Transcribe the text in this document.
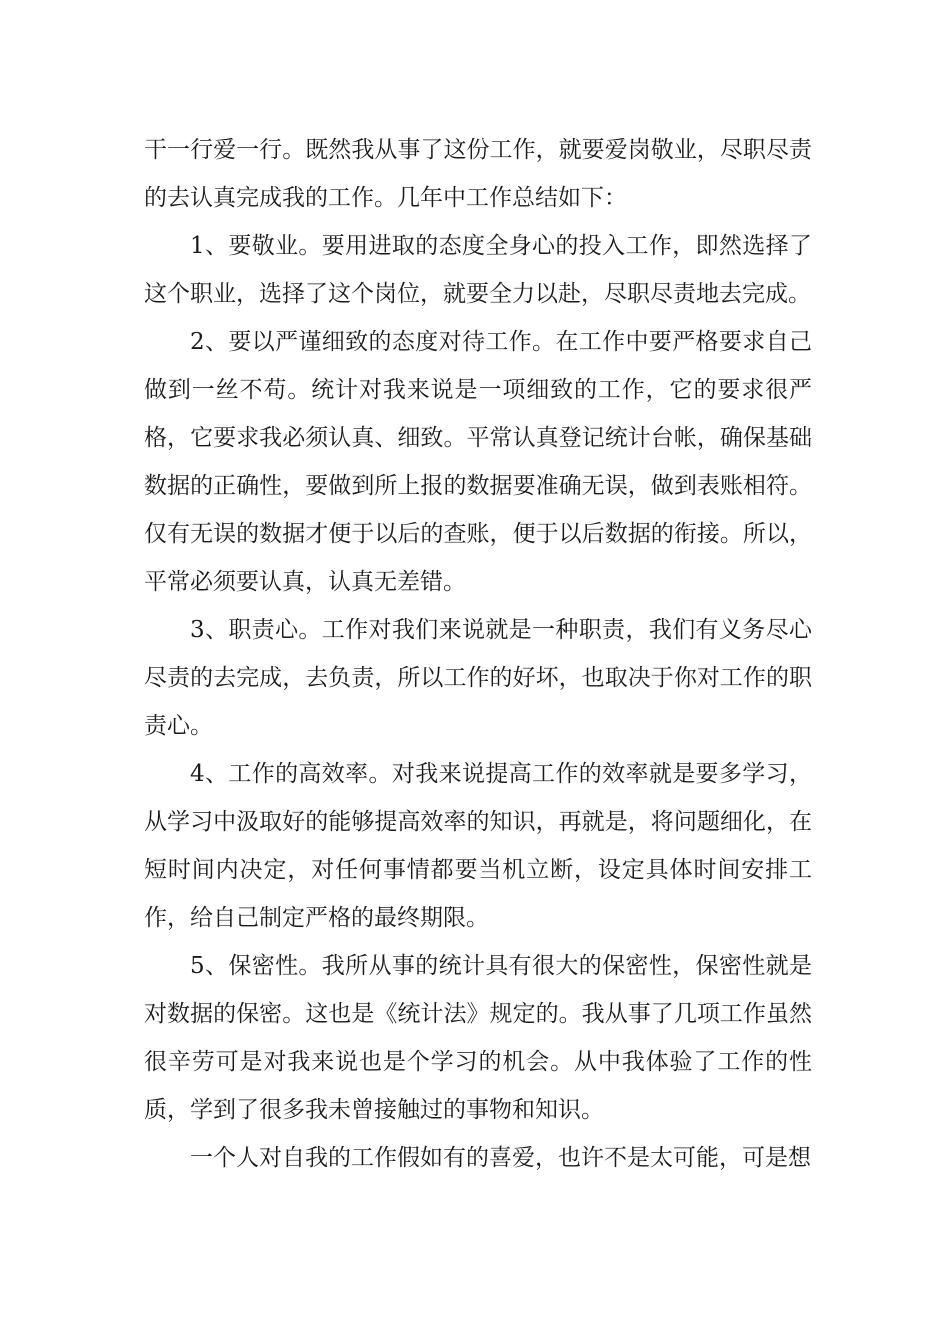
干一行爱一行。既然我从事了这份工作，就要爱岗敬业，尽职尽责的去认真完成我的工作。几年中工作总结如下：

1、要敬业。要用进取的态度全身心的投入工作，即然选择了这个职业，选择了这个岗位，就要全力以赴，尽职尽责地去完成。

2、要以严谨细致的态度对待工作。在工作中要严格要求自己做到一丝不苟。统计对我来说是一项细致的工作，它的要求很严格，它要求我必须认真、细致。平常认真登记统计台帐，确保基础数据的正确性，要做到所上报的数据要准确无误，做到表账相符。仅有无误的数据才便于以后的查账，便于以后数据的衔接。所以，平常必须要认真，认真无差错。

3、职责心。工作对我们来说就是一种职责，我们有义务尽心尽责的去完成，去负责，所以工作的好坏，也取决于你对工作的职责心。

4、工作的高效率。对我来说提高工作的效率就是要多学习，从学习中汲取好的能够提高效率的知识，再就是，将问题细化，在短时间内决定，对任何事情都要当机立断，设定具体时间安排工作，给自己制定严格的最终期限。

5、保密性。我所从事的统计具有很大的保密性，保密性就是对数据的保密。这也是《统计法》规定的。我从事了几项工作虽然很辛劳可是对我来说也是个学习的机会。从中我体验了工作的性质，学到了很多我未曾接触过的事物和知识。

一个人对自我的工作假如有的喜爱，也许不是太可能，可是想
